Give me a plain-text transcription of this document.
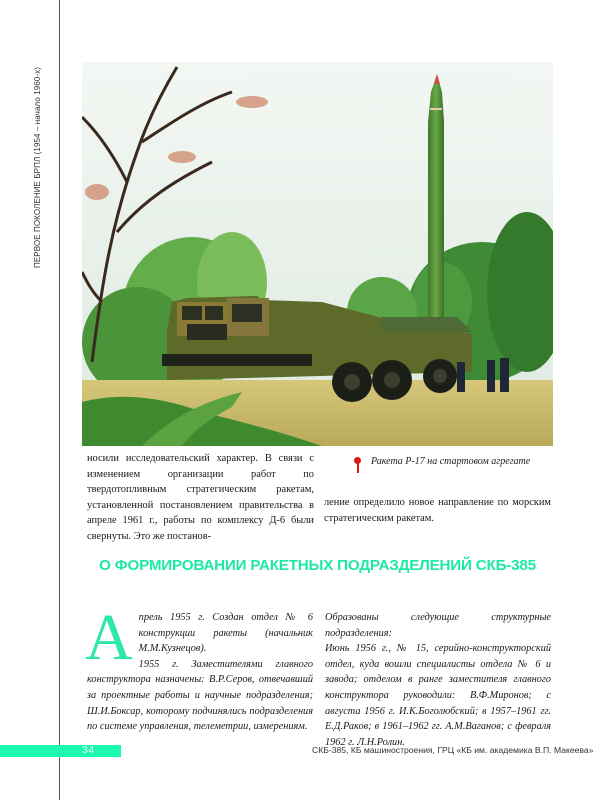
ПЕРВОЕ ПОКОЛЕНИЕ БРПЛ (1954 – начало 1960-х)
Ракета Р-17 на стартовом агрегате

носили исследовательский характер. В связи с изменением организации работ по твердотопливным стратегическим ракетам, установленной постановлением правительства в апреле 1961 г., работы по комплексу Д-6 были свернуты. Это же постанов-

ление определило новое направление по морским стратегическим ракетам.

О ФОРМИРОВАНИИ РАКЕТНЫХ ПОДРАЗДЕЛЕНИЙ СКБ-385
А прель 1955 г. Создан отдел № 6 конструкции ракеты (начальник М.М.Кузнецов).

1955 г. Заместителями главного конструктора назначены: В.Р.Серов, отвечавший за проектные работы и научные подразделения; Ш.И.Боксар, которому подчинялись подразделения по системе управления, телеметрии, измерениям.

Образованы следующие структурные подразделения:

Июнь 1956 г., № 15, серийно-конструкторский отдел, куда вошли специалисты отдела № 6 и завода; отделом в ранге заместителя главного конструктора руководили: В.Ф.Миронов; с августа 1956 г. И.К.Боголюбский; в 1957–1961 гг. Е.Д.Раков; в 1961–1962 гг. А.М.Ваганов; с февраля 1962 г. Л.Н.Ролин.

34	СКБ-385, КБ машиностроения, ГРЦ «КБ им. академика В.П. Макеева»
